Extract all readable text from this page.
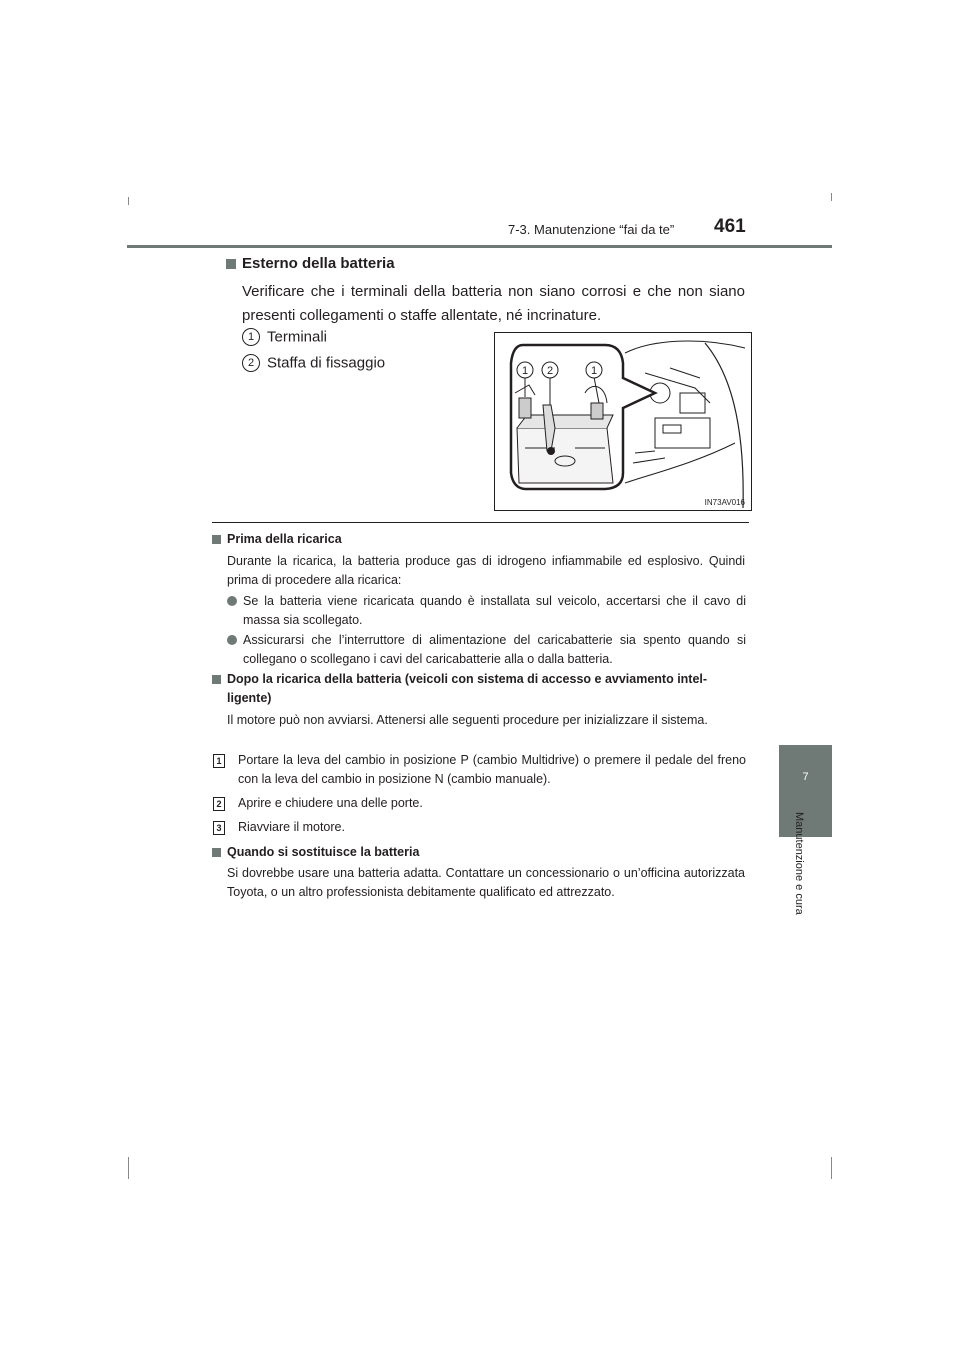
7-3. Manutenzione “fai da te” 461
7
Manutenzione e cura
Esterno della batteria
Verificare che i terminali della batteria non siano corrosi e che non siano presenti collegamenti o staffe allentate, né incrinature.
1 Terminali
2 Staffa di fissaggio	1 2	1
IN73AV016
Prima della ricarica
Durante la ricarica, la batteria produce gas di idrogeno infiammabile ed esplosivo. Quindi prima di procedere alla ricarica:
Se la batteria viene ricaricata quando è installata sul veicolo, accertarsi che il cavo di massa sia scollegato.
Assicurarsi che l’interruttore di alimentazione del caricabatterie sia spento quando si collegano o scollegano i cavi del caricabatterie alla o dalla batteria.
Dopo la ricarica della batteria (veicoli con sistema di accesso e avviamento intel-
ligente)
Il motore può non avviarsi. Attenersi alle seguenti procedure per inizializzare il sistema.
1 Portare la leva del cambio in posizione P (cambio Multidrive) o premere il pedale del freno con la leva del cambio in posizione N (cambio manuale).
2 Aprire e chiudere una delle porte.
3 Riavviare il motore.
Quando si sostituisce la batteria
Si dovrebbe usare una batteria adatta. Contattare un concessionario o un’officina autorizzata Toyota, o un altro professionista debitamente qualificato ed attrezzato.
